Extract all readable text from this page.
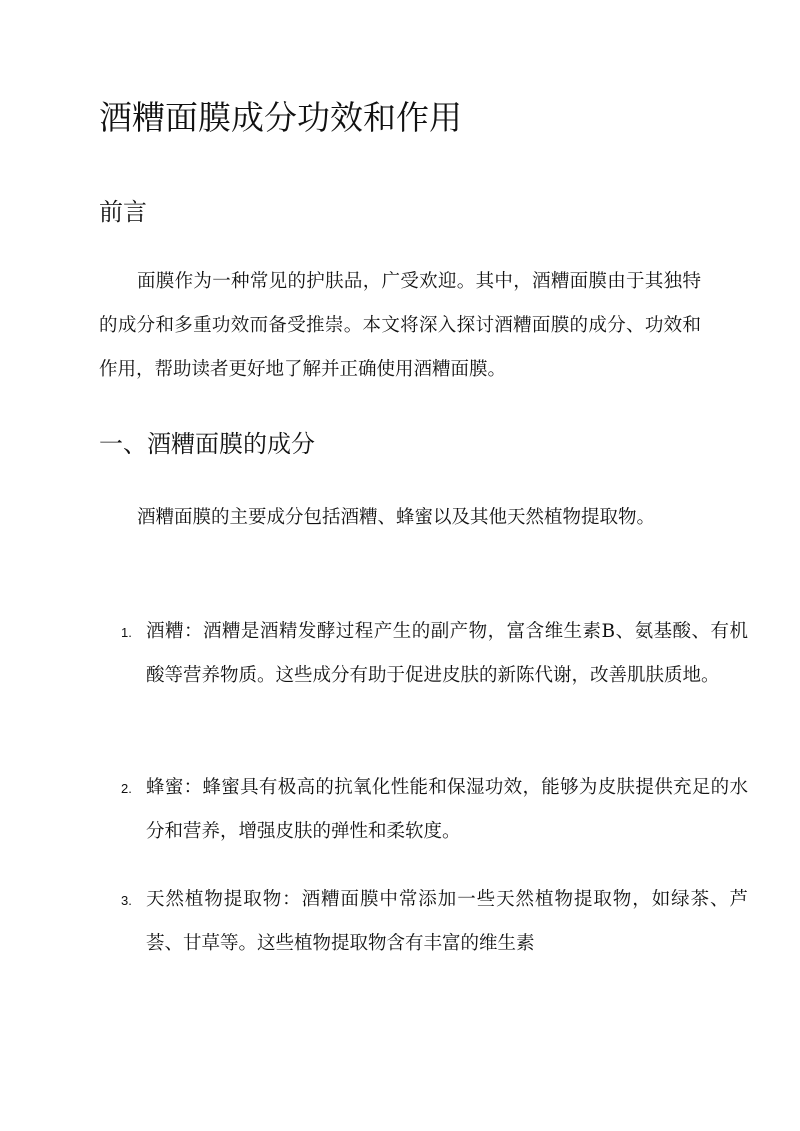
酒糟面膜成分功效和作用
前言

面膜作为一种常见的护肤品，广受欢迎。其中，酒糟面膜由于其独特的成分和多重功效而备受推崇。本文将深入探讨酒糟面膜的成分、功效和作用，帮助读者更好地了解并正确使用酒糟面膜。

一、酒糟面膜的成分

酒糟面膜的主要成分包括酒糟、蜂蜜以及其他天然植物提取物。

1. 酒糟：酒糟是酒精发酵过程产生的副产物，富含维生素B、氨基酸、有机酸等营养物质。这些成分有助于促进皮肤的新陈代谢，改善肌肤质地。
2. 蜂蜜：蜂蜜具有极高的抗氧化性能和保湿功效，能够为皮肤提供充足的水分和营养，增强皮肤的弹性和柔软度。
3. 天然植物提取物：酒糟面膜中常添加一些天然植物提取物，如绿茶、芦荟、甘草等。这些植物提取物含有丰富的维生素
